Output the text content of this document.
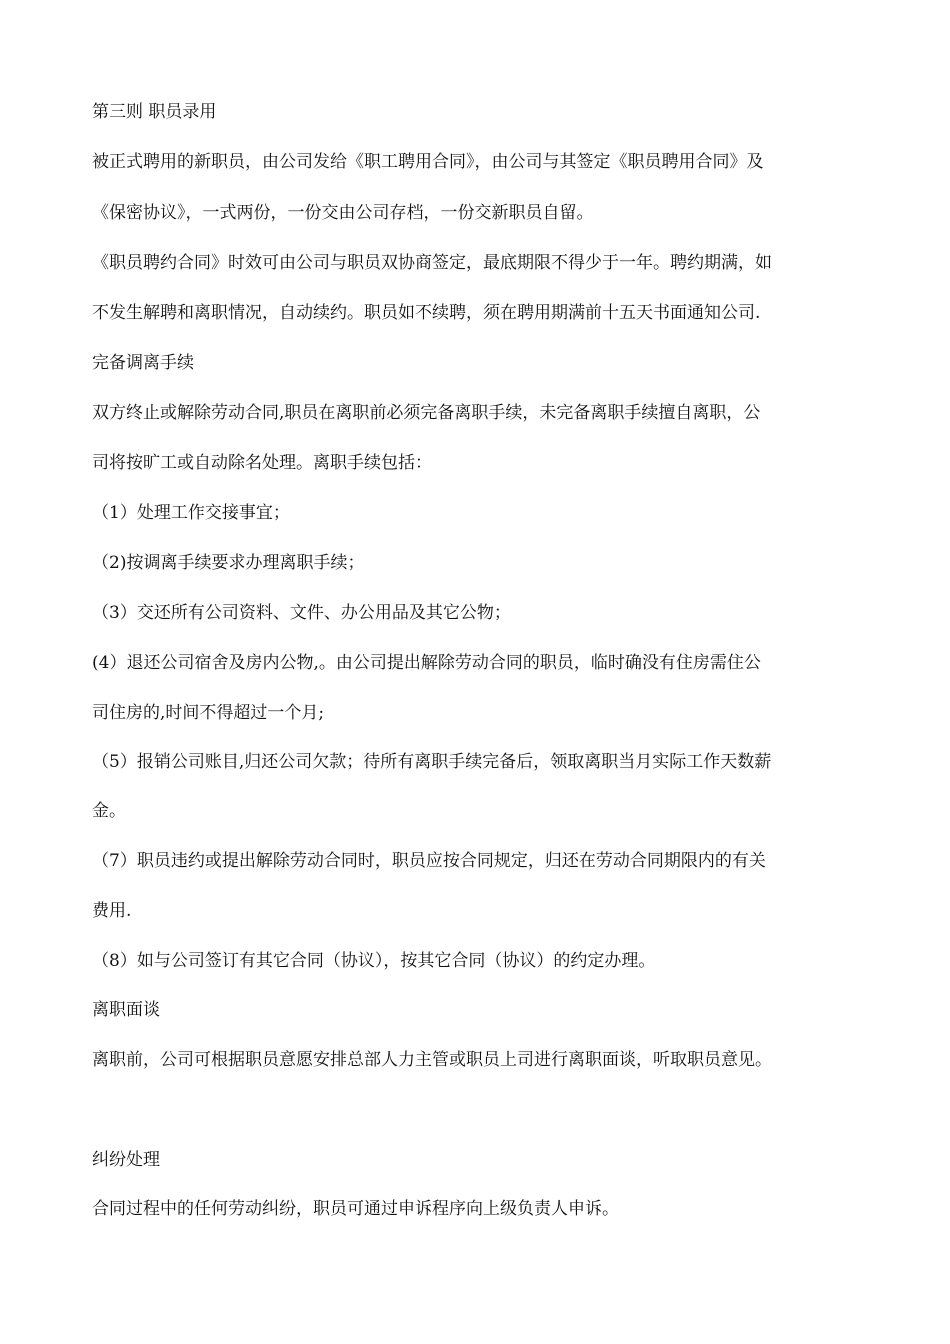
第三则 职员录用
被正式聘用的新职员，由公司发给《职工聘用合同》，由公司与其签定《职员聘用合同》及
《保密协议》，一式两份，一份交由公司存档，一份交新职员自留。
《职员聘约合同》时效可由公司与职员双协商签定，最底期限不得少于一年。聘约期满，如
不发生解聘和离职情况，自动续约。职员如不续聘，须在聘用期满前十五天书面通知公司.
完备调离手续
双方终止或解除劳动合同,职员在离职前必须完备离职手续，未完备离职手续擅自离职，公
司将按旷工或自动除名处理。离职手续包括：
（1）处理工作交接事宜；
（2)按调离手续要求办理离职手续；
（3）交还所有公司资料、文件、办公用品及其它公物；
(4）退还公司宿舍及房内公物,。由公司提出解除劳动合同的职员，临时确没有住房需住公
司住房的,时间不得超过一个月;
（5）报销公司账目,归还公司欠款；待所有离职手续完备后，领取离职当月实际工作天数薪
金。
（7）职员违约或提出解除劳动合同时，职员应按合同规定，归还在劳动合同期限内的有关
费用.
（8）如与公司签订有其它合同（协议），按其它合同（协议）的约定办理。
离职面谈
离职前，公司可根据职员意愿安排总部人力主管或职员上司进行离职面谈，听取职员意见。
纠纷处理
合同过程中的任何劳动纠纷，职员可通过申诉程序向上级负责人申诉。
